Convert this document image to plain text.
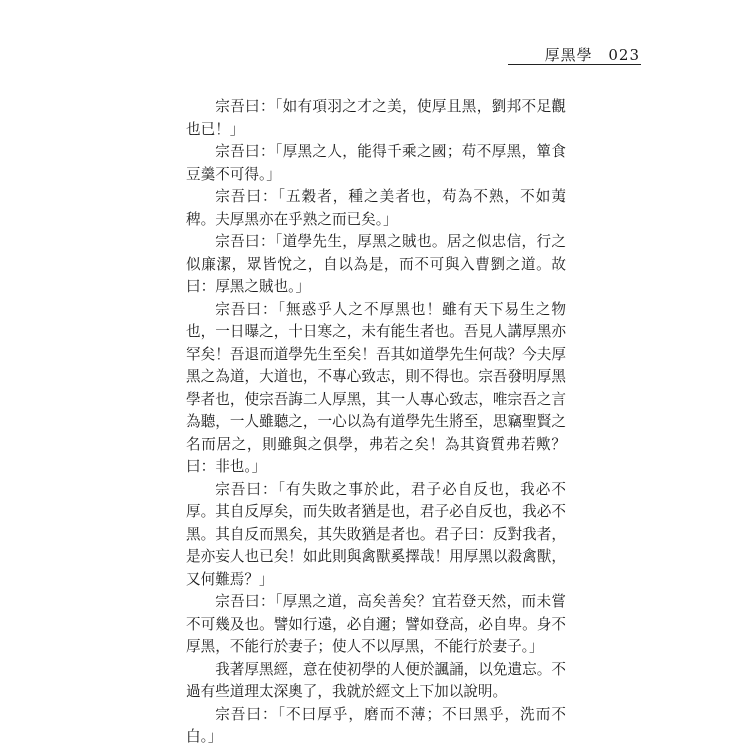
厚黑學 023

宗吾曰：「如有項羽之才之美，使厚且黑，劉邦不足觀也已！」

宗吾曰：「厚黑之人，能得千乘之國；苟不厚黑，簞食豆羹不可得。」

宗吾曰：「五穀者，種之美者也，苟為不熟，不如荑稗。夫厚黑亦在乎熟之而已矣。」

宗吾曰：「道學先生，厚黑之賊也。居之似忠信，行之似廉潔，眾皆悅之，自以為是，而不可與入曹劉之道。故曰：厚黑之賊也。」

宗吾曰：「無惑乎人之不厚黑也！雖有天下易生之物也，一日曝之，十日寒之，未有能生者也。吾見人講厚黑亦罕矣！吾退而道學先生至矣！吾其如道學先生何哉？今夫厚黑之為道，大道也，不專心致志，則不得也。宗吾發明厚黑學者也，使宗吾誨二人厚黑，其一人專心致志，唯宗吾之言為聽，一人雖聽之，一心以為有道學先生將至，思竊聖賢之名而居之，則雖與之俱學，弗若之矣！為其資質弗若歟？曰：非也。」

宗吾曰：「有失敗之事於此，君子必自反也，我必不厚。其自反厚矣，而失敗者猶是也，君子必自反也，我必不黑。其自反而黑矣，其失敗猶是者也。君子曰：反對我者，是亦妄人也已矣！如此則與禽獸奚擇哉！用厚黑以殺禽獸，又何難焉？」

宗吾曰：「厚黑之道，高矣善矣？宜若登天然，而未嘗不可幾及也。譬如行遠，必自邇；譬如登高，必自卑。身不厚黑，不能行於妻子；使人不以厚黑，不能行於妻子。」

我著厚黑經，意在使初學的人便於諷誦，以免遺忘。不過有些道理太深奧了，我就於經文上下加以說明。

宗吾曰：「不曰厚乎，磨而不薄；不曰黑乎，洗而不白。」
